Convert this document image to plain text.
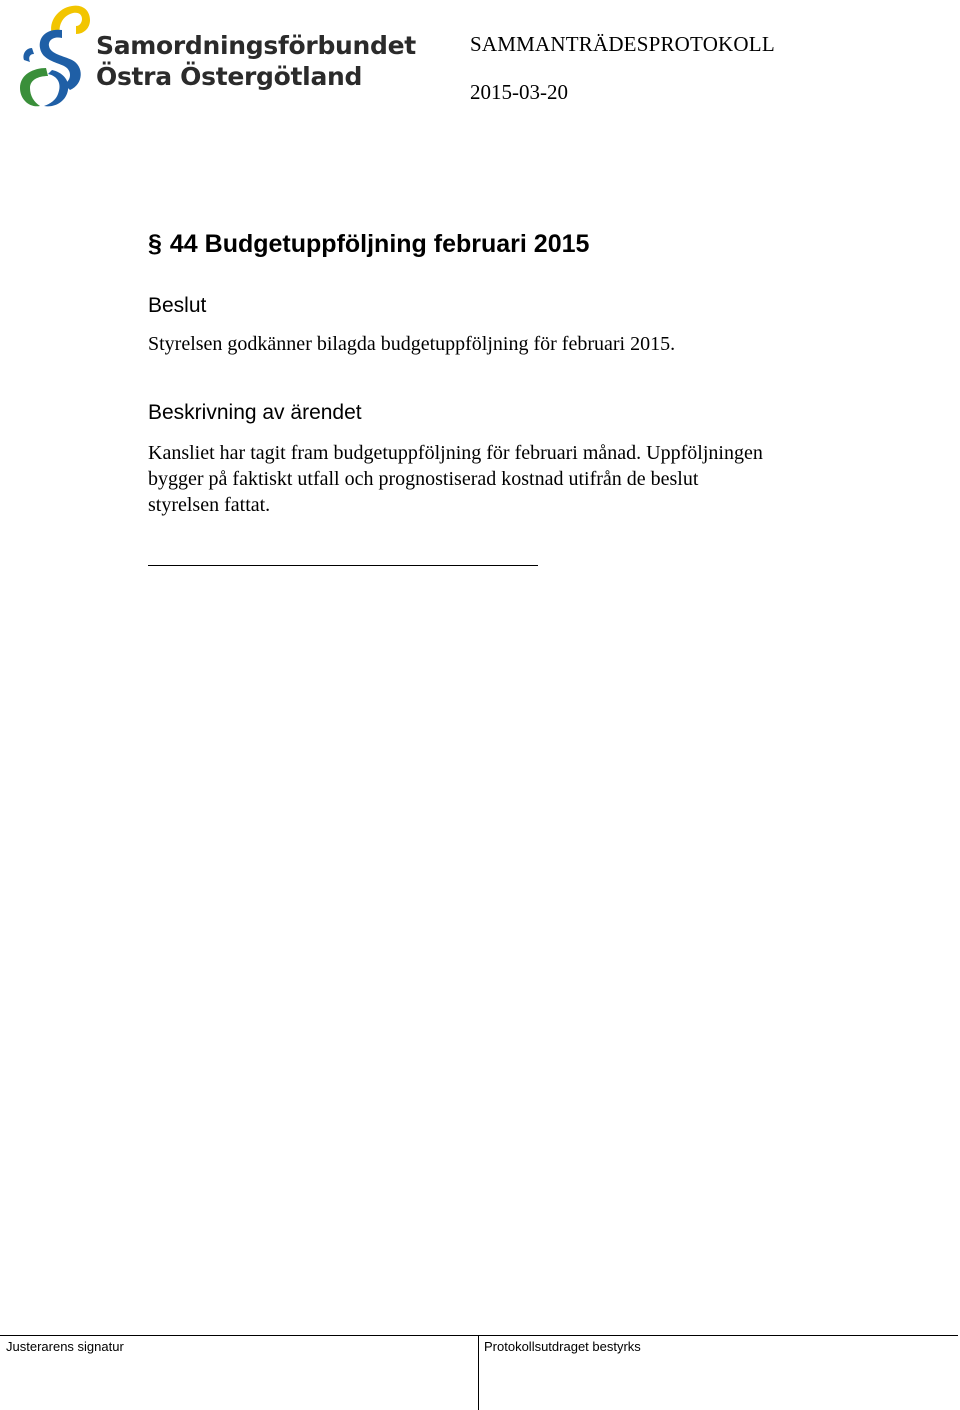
Samordningsförbundet
Östra Östergötland
SAMMANTRÄDESPROTOKOLL
2015-03-20
§ 44 Budgetuppföljning februari 2015
Beslut
Styrelsen godkänner bilagda budgetuppföljning för februari 2015.
Beskrivning av ärendet
Kansliet har tagit fram budgetuppföljning för februari månad. Uppföljningen
bygger på faktiskt utfall och prognostiserad kostnad utifrån de beslut
styrelsen fattat.
Justerarens signatur	Protokollsutdraget bestyrks
